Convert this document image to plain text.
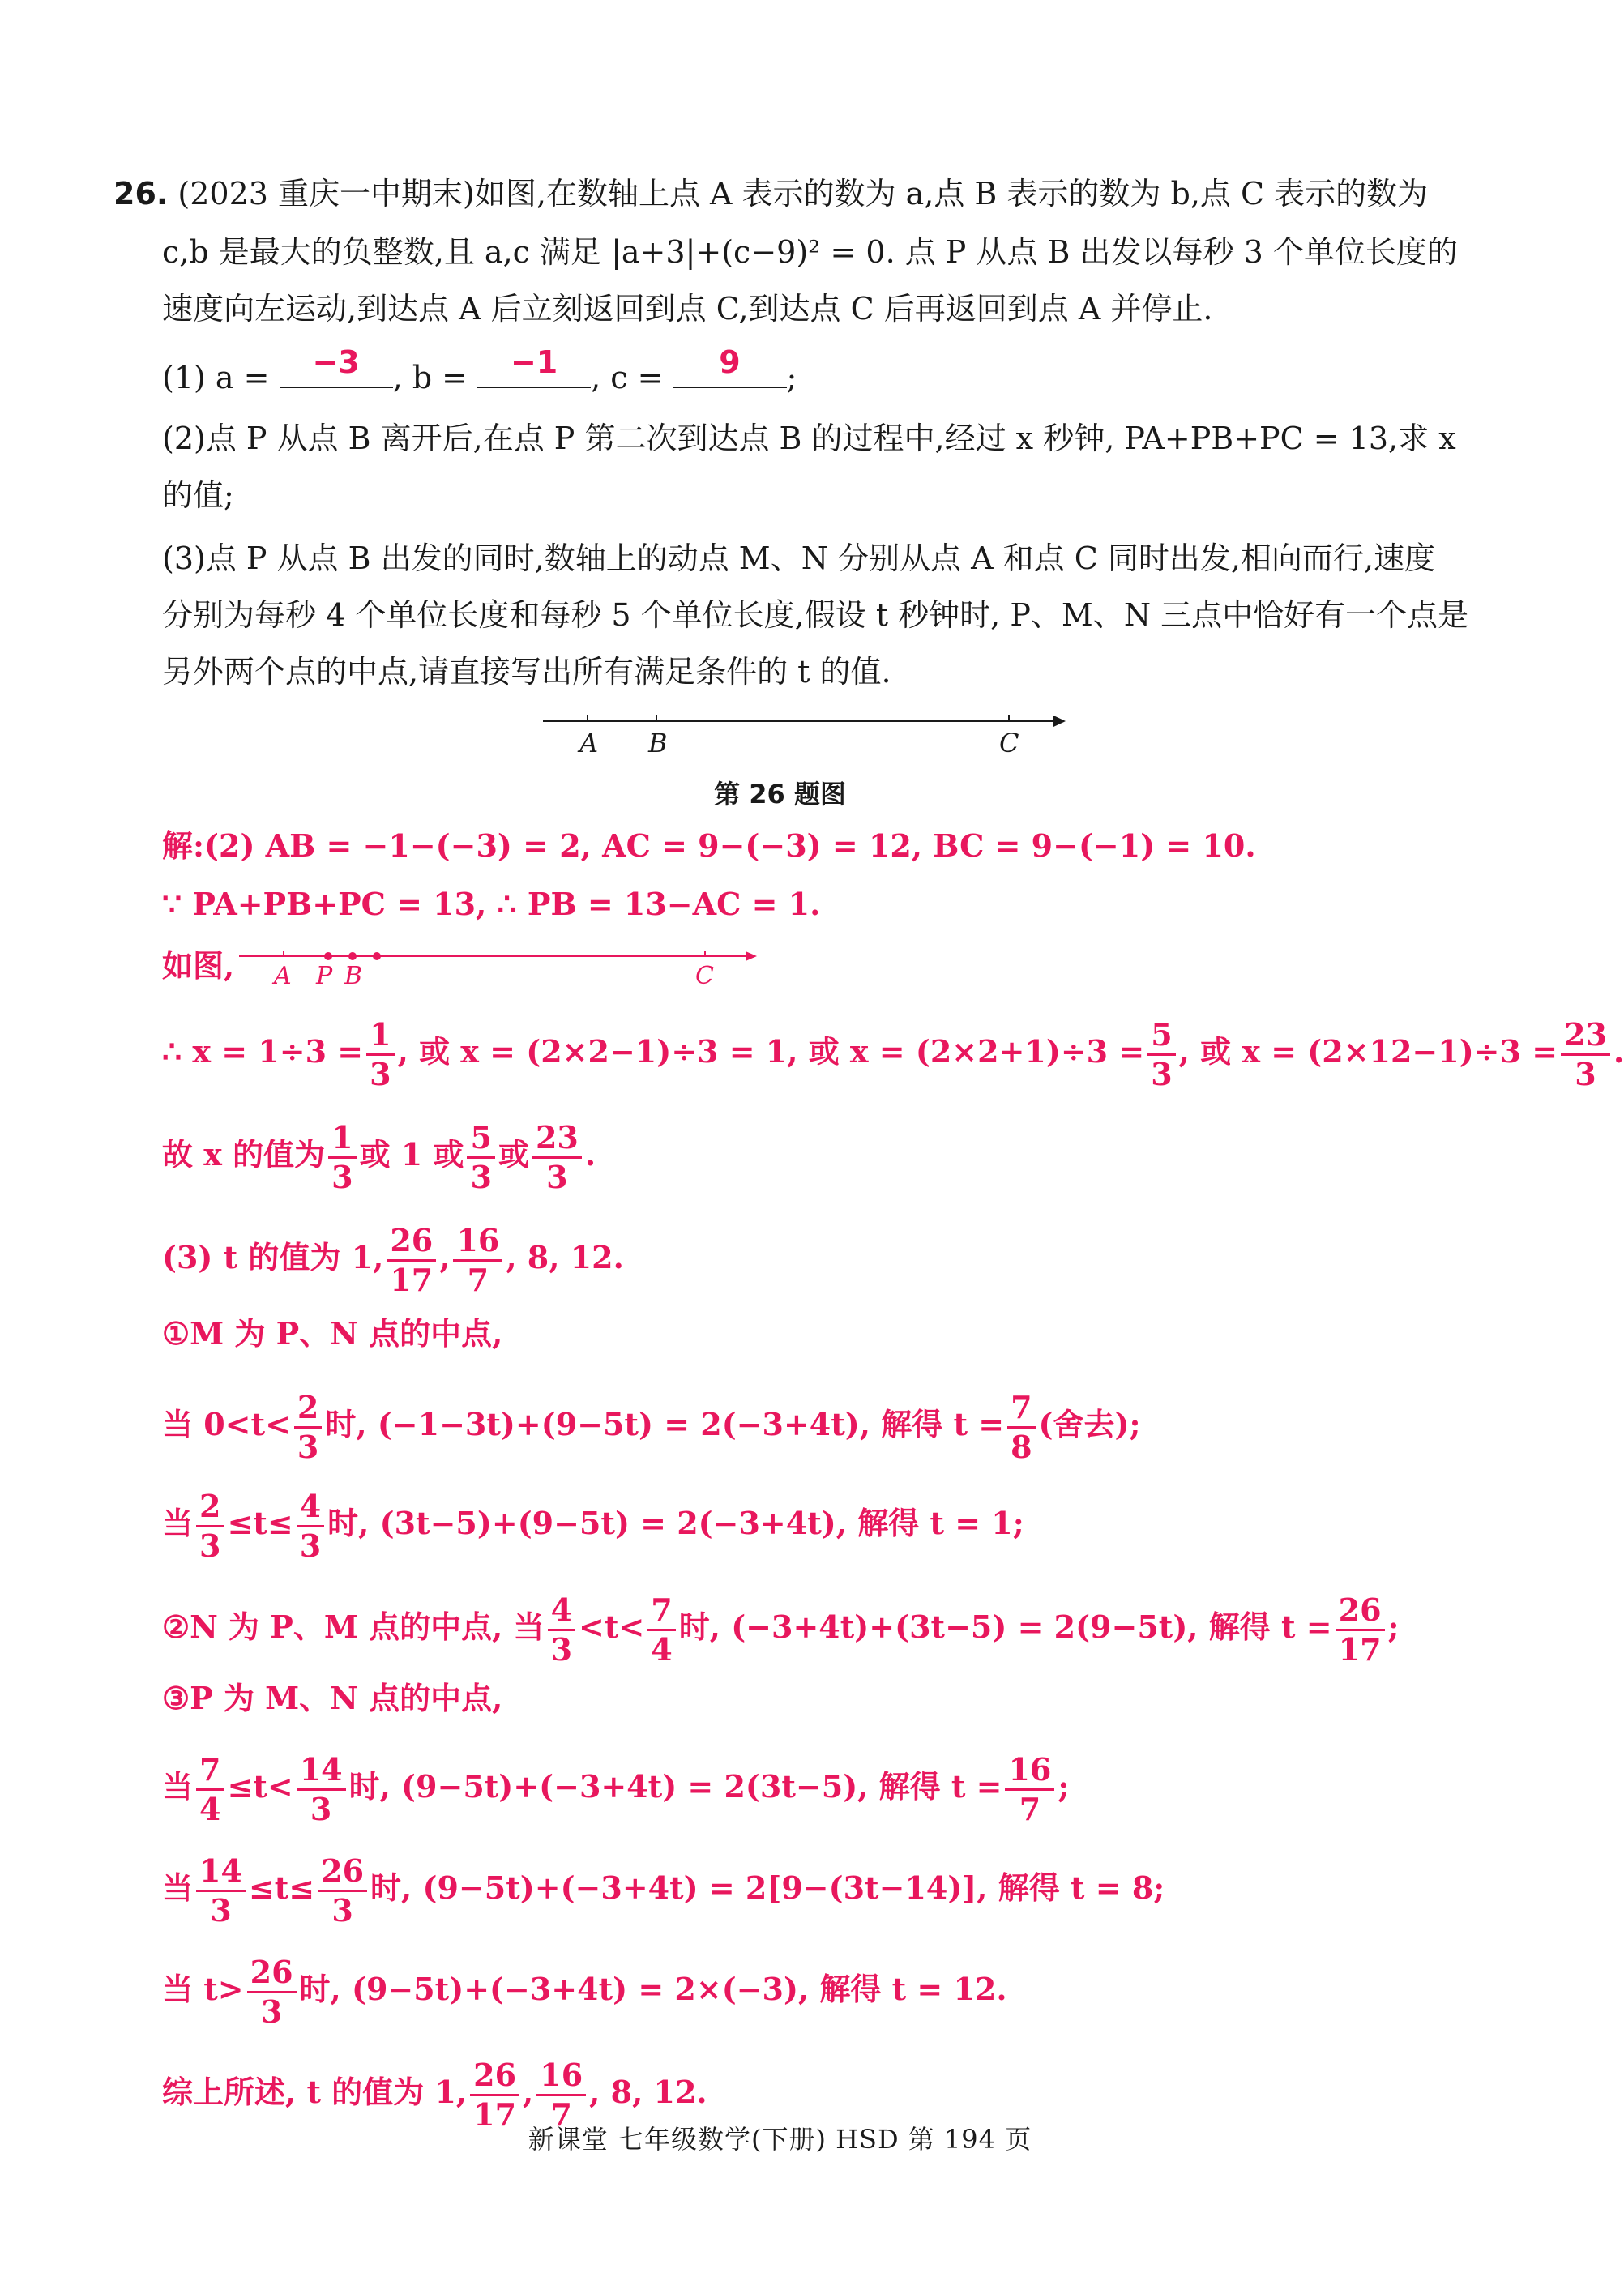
26. (2023 重庆一中期末)如图,在数轴上点 A 表示的数为 a,点 B 表示的数为 b,点 C 表示的数为
c,b 是最大的负整数,且 a,c 满足 |a+3|+(c−9)² = 0. 点 P 从点 B 出发以每秒 3 个单位长度的
速度向左运动,到达点 A 后立刻返回到点 C,到达点 C 后再返回到点 A 并停止.
(1) a =	−3	, b =	−1	, c =	9	;
(2)点 P 从点 B 离开后,在点 P 第二次到达点 B 的过程中,经过 x 秒钟, PA+PB+PC = 13,求 x
的值;
(3)点 P 从点 B 出发的同时,数轴上的动点 M、N 分别从点 A 和点 C 同时出发,相向而行,速度
分别为每秒 4 个单位长度和每秒 5 个单位长度,假设 t 秒钟时, P、M、N 三点中恰好有一个点是
另外两个点的中点,请直接写出所有满足条件的 t 的值.
A B	C
第 26 题图
解:(2) AB = −1−(−3) = 2, AC = 9−(−3) = 12, BC = 9−(−1) = 10.
∵ PA+PB+PC = 13, ∴ PB = 13−AC = 1.
如图, A P B	C
∴ $x = 1\div 3 = \frac{1}{3}$ , 或 x = (2×2−1)÷3 = 1, 或 $x = (2\times 2+1)\div 3 = \frac{5}{3}$ , 或 $x = (2\times 12-1)\div 3 = \frac{23}{3}$ .
故 x 的值为 $\frac{1}{3}$ 或 1 或 $\frac{5}{3}$ 或 $\frac{23}{3}$ .
(3) t 的值为 1, $\frac{26}{17}$ , $\frac{16}{7}$ , 8, 12.
①M 为 P、N 点的中点,
当 $0<t< \frac{2}{3}$ 时, (−1−3t)+(9−5t) = 2(−3+4t), 解得 $t = \frac{7}{8}$ (舍去);
当 $\frac{2}{3} \le t\le \frac{4}{3}$ 时, (3t−5)+(9−5t) = 2(−3+4t), 解得 t = 1;
②N 为 P、M 点的中点, 当 $\frac{4}{3} <t< \frac{7}{4}$ 时, (−3+4t)+(3t−5) = 2(9−5t), 解得 $t = \frac{26}{17}$ ;
③P 为 M、N 点的中点,
当 $\frac{7}{4} \le t< \frac{14}{3}$ 时, (9−5t)+(−3+4t) = 2(3t−5), 解得 $t = \frac{16}{7}$ ;
当 $\frac{14}{3} \le t\le \frac{26}{3}$ 时, (9−5t)+(−3+4t) = 2[9−(3t−14)], 解得 t = 8;
当 $t> \frac{26}{3}$ 时, (9−5t)+(−3+4t) = 2×(−3), 解得 t = 12.
综上所述, t 的值为 1, $\frac{26}{17}$ , $\frac{16}{7}$ , 8, 12.
新课堂 七年级数学(下册) HSD 第 194 页
